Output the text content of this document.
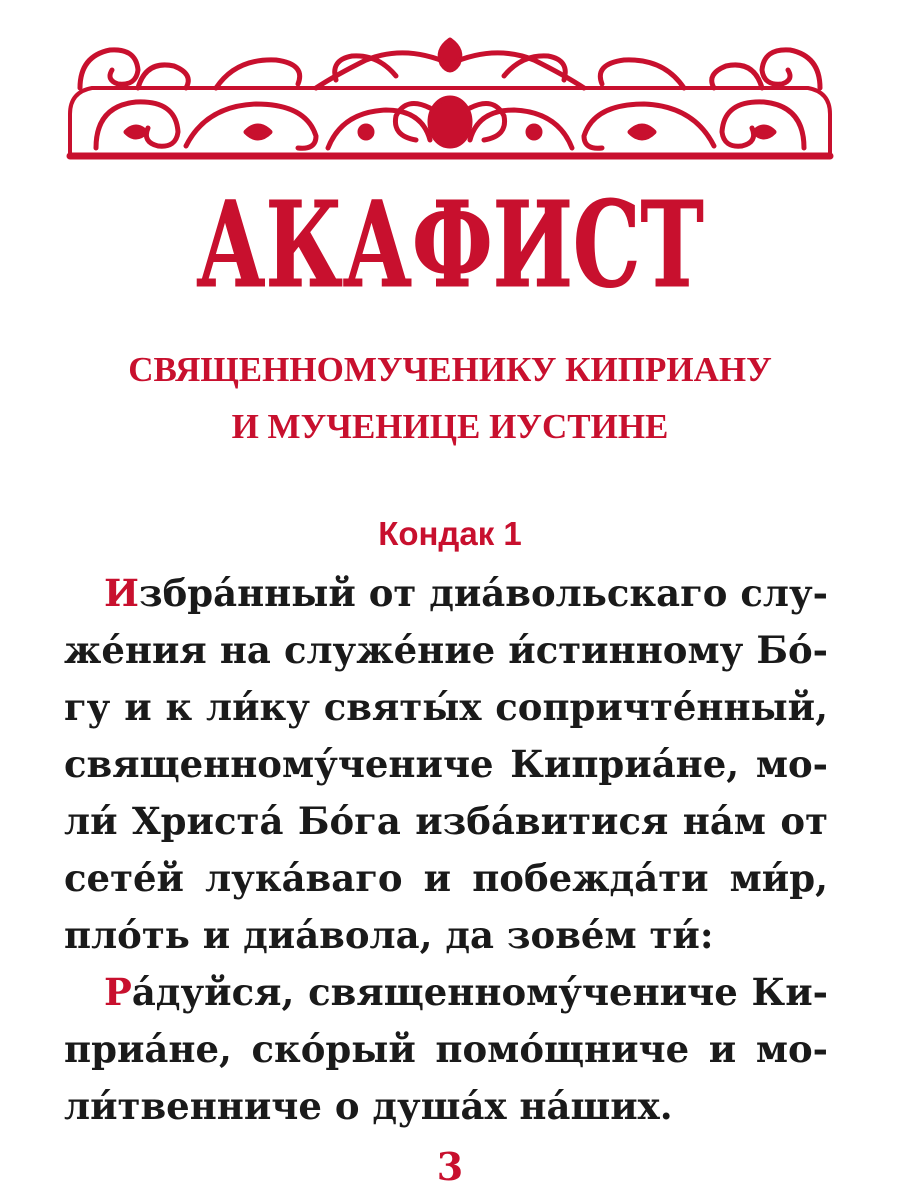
АКАФИСТ
СВЯЩЕННОМУЧЕНИКУ КИПРИАНУ
И МУЧЕНИЦЕ ИУСТИНЕ
Кондак 1
Избра́нный от диа́вольскаго слу-
же́ния на служе́ние и́стинному Бо́-
гу и к ли́ку святы́х сопричте́нный,
священному́чениче Киприа́не, мо-
ли́ Христа́ Бо́га изба́витися на́м от
сете́й лука́ваго и побежда́ти ми́р,
пло́ть и диа́вола, да зове́м ти́:
Ра́дуйся, священному́чениче Ки-
приа́не, ско́рый помо́щниче и мо-
ли́твенниче о душа́х на́ших.
3
